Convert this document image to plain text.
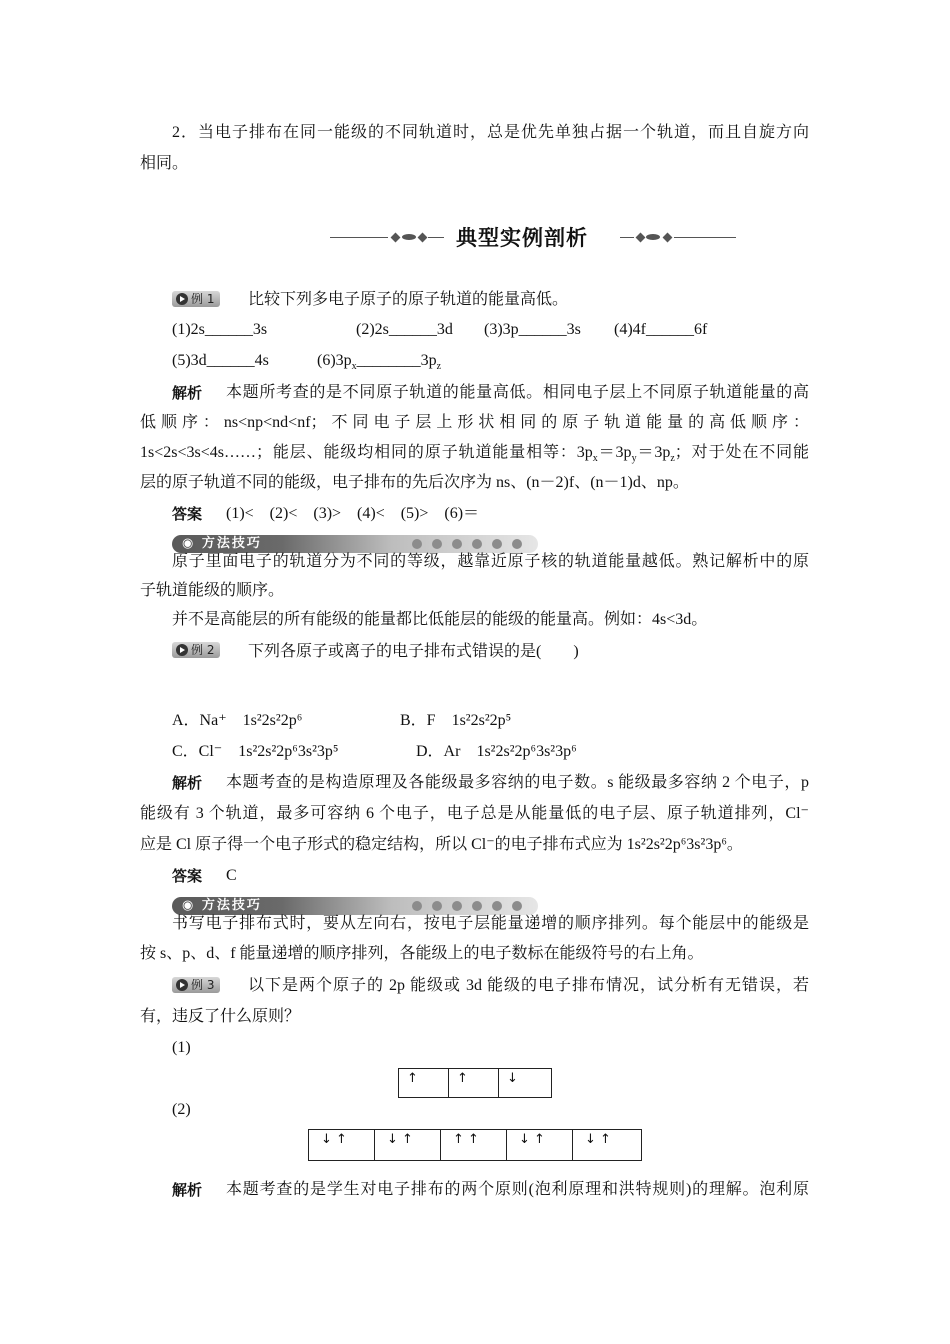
2．当电子排布在同一能级的不同轨道时，总是优先单独占据一个轨道，而且自旋方向
相同。
典型实例剖析
例 1	比较下列多电子原子的原子轨道的能量高低。
(1)2s______3s	(2)2s______3d (3)3p______3s (4)4f______6f
(5)3d______4s	$(6)3p_x\_\_\_\_\_\_\_\_3p_z$
解析 本题所考查的是不同原子轨道的能量高低。相同电子层上不同原子轨道能量的高
低顺序：ns<np<nd<nf；不同电子层上形状相同的原子轨道能量的高低顺序：
1s<2s<3s<4s……；能层、能级均相同的原子轨道能量相等：$3p_x=3p_y=3p_z$；对于处在不同能
层的原子轨道不同的能级，电子排布的先后次序为 ns、(n－2)f、(n－1)d、np。
答案 (1)<　(2)<　(3)>　(4)<　(5)>　(6)＝
◉ 方法技巧
原子里面电子的轨道分为不同的等级，越靠近原子核的轨道能量越低。熟记解析中的原
子轨道能级的顺序。
并不是高能层的所有能级的能量都比低能层的能级的能量高。例如：4s<3d。
例 2	下列各原子或离子的电子排布式错误的是(　　)
A．Na⁺　1s²2s²2p⁶	B．F　1s²2s²2p⁵
C．Cl⁻　1s²2s²2p⁶3s²3p⁵	D．Ar　1s²2s²2p⁶3s²3p⁶
解析 本题考查的是构造原理及各能级最多容纳的电子数。s 能级最多容纳 2 个电子，p
能级有 3 个轨道，最多可容纳 6 个电子，电子总是从能量低的电子层、原子轨道排列，Cl⁻
应是 Cl 原子得一个电子形式的稳定结构，所以 Cl⁻的电子排布式应为 1s²2s²2p⁶3s²3p⁶。
答案 C
◉ 方法技巧
书写电子排布式时，要从左向右，按电子层能量递增的顺序排列。每个能层中的能级是
按 s、p、d、f 能量递增的顺序排列，各能级上的电子数标在能级符号的右上角。
例 3	以下是两个原子的 2p 能级或 3d 能级的电子排布情况，试分析有无错误，若
有，违反了什么原则？
(1)
↑	↑	↓
(2)
↓ ↑	↓ ↑	↑ ↑	↓ ↑	↓ ↑
解析 本题考查的是学生对电子排布的两个原则(泡利原理和洪特规则)的理解。泡利原
